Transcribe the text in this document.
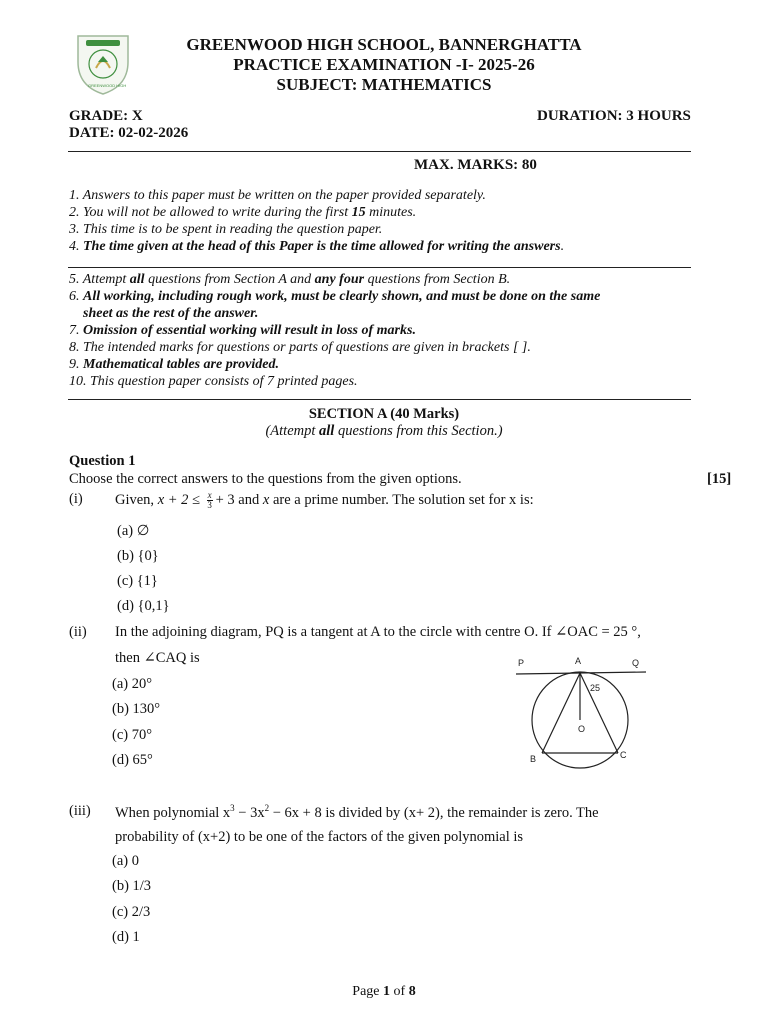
GREENWOOD HIGH
GREENWOOD HIGH SCHOOL, BANNERGHATTA
PRACTICE EXAMINATION -I- 2025-26
SUBJECT: MATHEMATICS
GRADE: X	DURATION: 3 HOURS
DATE: 02-02-2026
MAX. MARKS: 80
1. Answers to this paper must be written on the paper provided separately.
2. You will not be allowed to write during the first 15 minutes.
3. This time is to be spent in reading the question paper.
4. The time given at the head of this Paper is the time allowed for writing the answers.
5. Attempt all questions from Section A and any four questions from Section B.
6. All working, including rough work, must be clearly shown, and must be done on the same
sheet as the rest of the answer.
7. Omission of essential working will result in loss of marks.
8. The intended marks for questions or parts of questions are given in brackets [ ].
9. Mathematical tables are provided.
10. This question paper consists of 7 printed pages.
SECTION A (40 Marks)
(Attempt all questions from this Section.)
Question 1
Choose the correct answers to the questions from the given options.	[15]
(i) Given, $x + 2 \le \frac{x}{3} + 3$ and x are a prime number. The solution set for x is:
(a) ∅
(b) {0}
(c) {1}
(d) {0,1}
(ii) In the adjoining diagram, PQ is a tangent at A to the circle with centre O. If ∠OAC = 25 °,
then ∠CAQ is
(a) 20°
(b) 130°
(c) 70°
(d) 65°
P	A	Q
25
O
B	C
(iii) When polynomial $x^3 - 3x^2 - 6x + 8$ is divided by (x+ 2), the remainder is zero. The
probability of (x+2) to be one of the factors of the given polynomial is
(a) 0
(b) 1/3
(c) 2/3
(d) 1
Page 1 of 8
